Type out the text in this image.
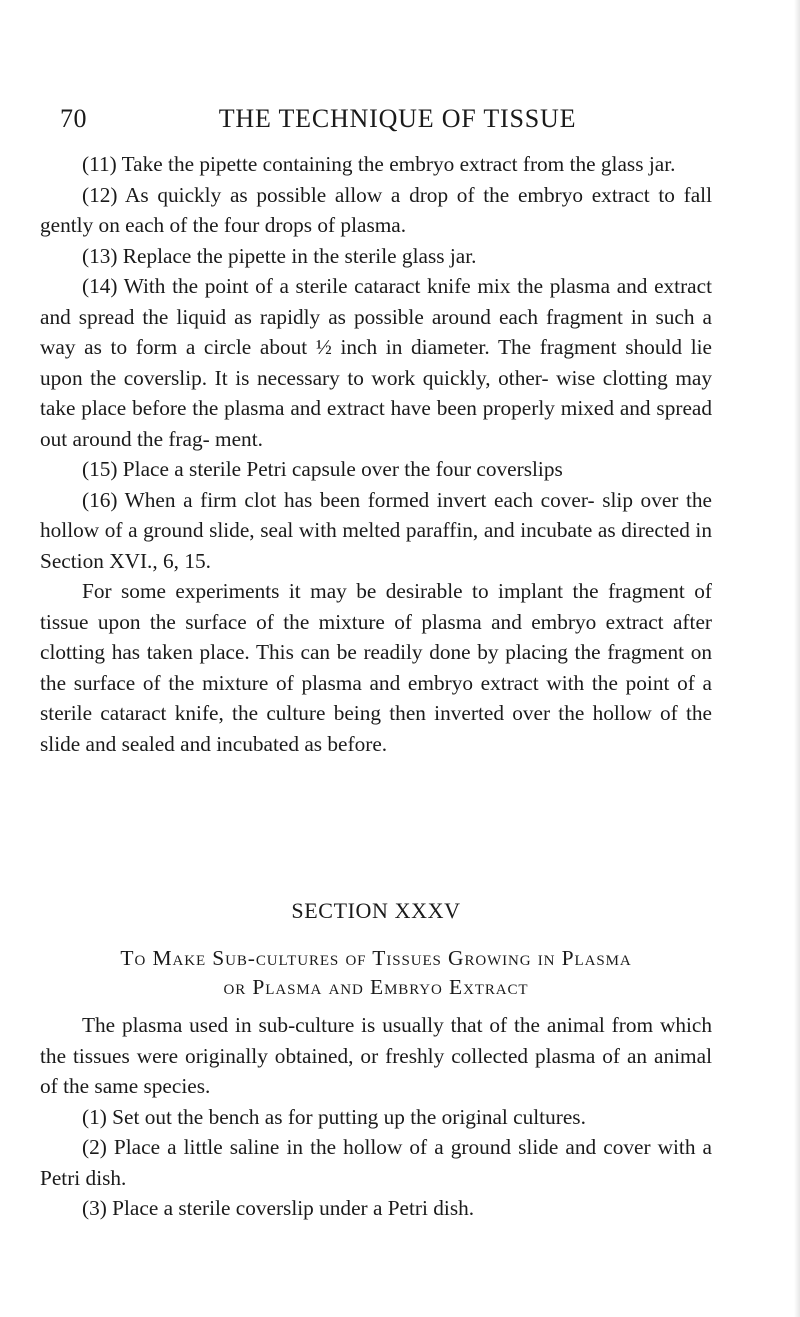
70	THE TECHNIQUE OF TISSUE

(11) Take the pipette containing the embryo extract from the glass jar.

(12) As quickly as possible allow a drop of the embryo extract to fall gently on each of the four drops of plasma.

(13) Replace the pipette in the sterile glass jar.

(14) With the point of a sterile cataract knife mix the plasma and extract and spread the liquid as rapidly as possible around each fragment in such a way as to form a circle about ½ inch in diameter. The fragment should lie upon the coverslip. It is necessary to work quickly, other- wise clotting may take place before the plasma and extract have been properly mixed and spread out around the frag- ment.

(15) Place a sterile Petri capsule over the four coverslips

(16) When a firm clot has been formed invert each cover- slip over the hollow of a ground slide, seal with melted paraffin, and incubate as directed in Section XVI., 6, 15.

For some experiments it may be desirable to implant the fragment of tissue upon the surface of the mixture of plasma and embryo extract after clotting has taken place. This can be readily done by placing the fragment on the surface of the mixture of plasma and embryo extract with the point of a sterile cataract knife, the culture being then inverted over the hollow of the slide and sealed and incubated as before.

SECTION XXXV
To Make Sub-cultures of Tissues Growing in Plasma
or Plasma and Embryo Extract

The plasma used in sub-culture is usually that of the animal from which the tissues were originally obtained, or freshly collected plasma of an animal of the same species.

(1) Set out the bench as for putting up the original cultures.

(2) Place a little saline in the hollow of a ground slide and cover with a Petri dish.

(3) Place a sterile coverslip under a Petri dish.
